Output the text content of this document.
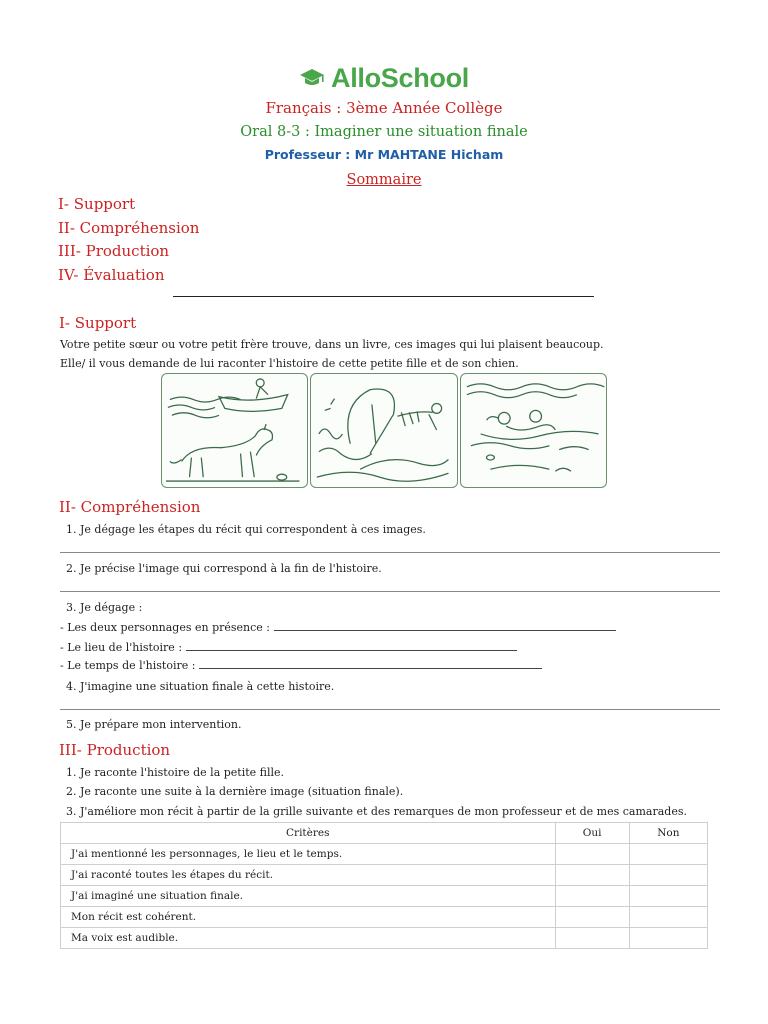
AlloSchool
Français : 3ème Année Collège
Oral 8-3 : Imaginer une situation finale
Professeur : Mr MAHTANE Hicham
Sommaire
I- Support
II- Compréhension
III- Production
IV- Évaluation
I- Support
Votre petite sœur ou votre petit frère trouve, dans un livre, ces images qui lui plaisent beaucoup.
Elle/ il vous demande de lui raconter l'histoire de cette petite fille et de son chien.
II- Compréhension
1. Je dégage les étapes du récit qui correspondent à ces images.
2. Je précise l'image qui correspond à la fin de l'histoire.
3. Je dégage :
- Les deux personnages en présence :
- Le lieu de l'histoire :
- Le temps de l'histoire :
4. J'imagine une situation finale à cette histoire.
5. Je prépare mon intervention.
III- Production
1. Je raconte l'histoire de la petite fille.
2. Je raconte une suite à la dernière image (situation finale).
3. J'améliore mon récit à partir de la grille suivante et des remarques de mon professeur et de mes camarades.
Critères	Oui	Non
J'ai mentionné les personnages, le lieu et le temps.		
J'ai raconté toutes les étapes du récit.		
J'ai imaginé une situation finale.		
Mon récit est cohérent.		
Ma voix est audible.		
